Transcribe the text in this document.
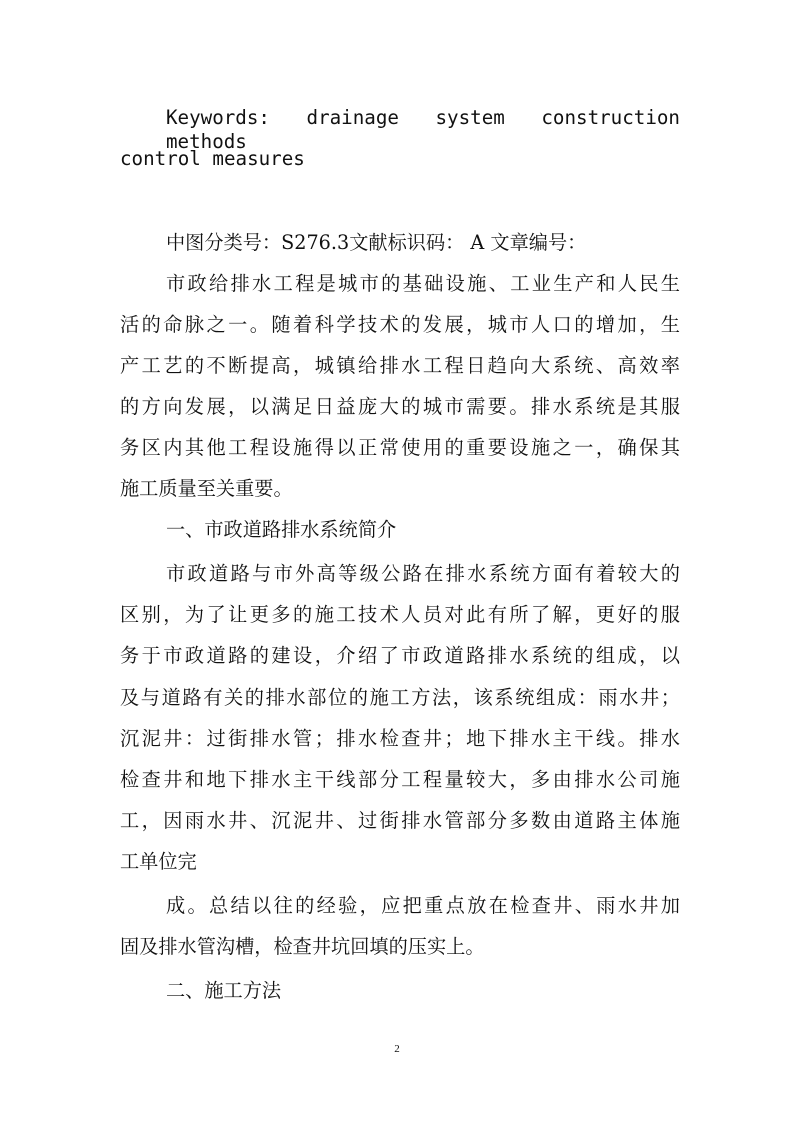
Keywords: drainage system construction methods
control measures
中图分类号：S276.3文献标识码： A 文章编号：
市政给排水工程是城市的基础设施、工业生产和人民生
活的命脉之一。随着科学技术的发展，城市人口的增加，生
产工艺的不断提高，城镇给排水工程日趋向大系统、高效率
的方向发展，以满足日益庞大的城市需要。排水系统是其服
务区内其他工程设施得以正常使用的重要设施之一，确保其
施工质量至关重要。
一、市政道路排水系统简介
市政道路与市外高等级公路在排水系统方面有着较大的
区别，为了让更多的施工技术人员对此有所了解，更好的服
务于市政道路的建设，介绍了市政道路排水系统的组成，以
及与道路有关的排水部位的施工方法，该系统组成：雨水井；
沉泥井：过街排水管；排水检查井；地下排水主干线。排水
检查井和地下排水主干线部分工程量较大，多由排水公司施
工，因雨水井、沉泥井、过街排水管部分多数由道路主体施
工单位完
成。总结以往的经验，应把重点放在检查井、雨水井加
固及排水管沟槽，检查井坑回填的压实上。
二、施工方法
2
